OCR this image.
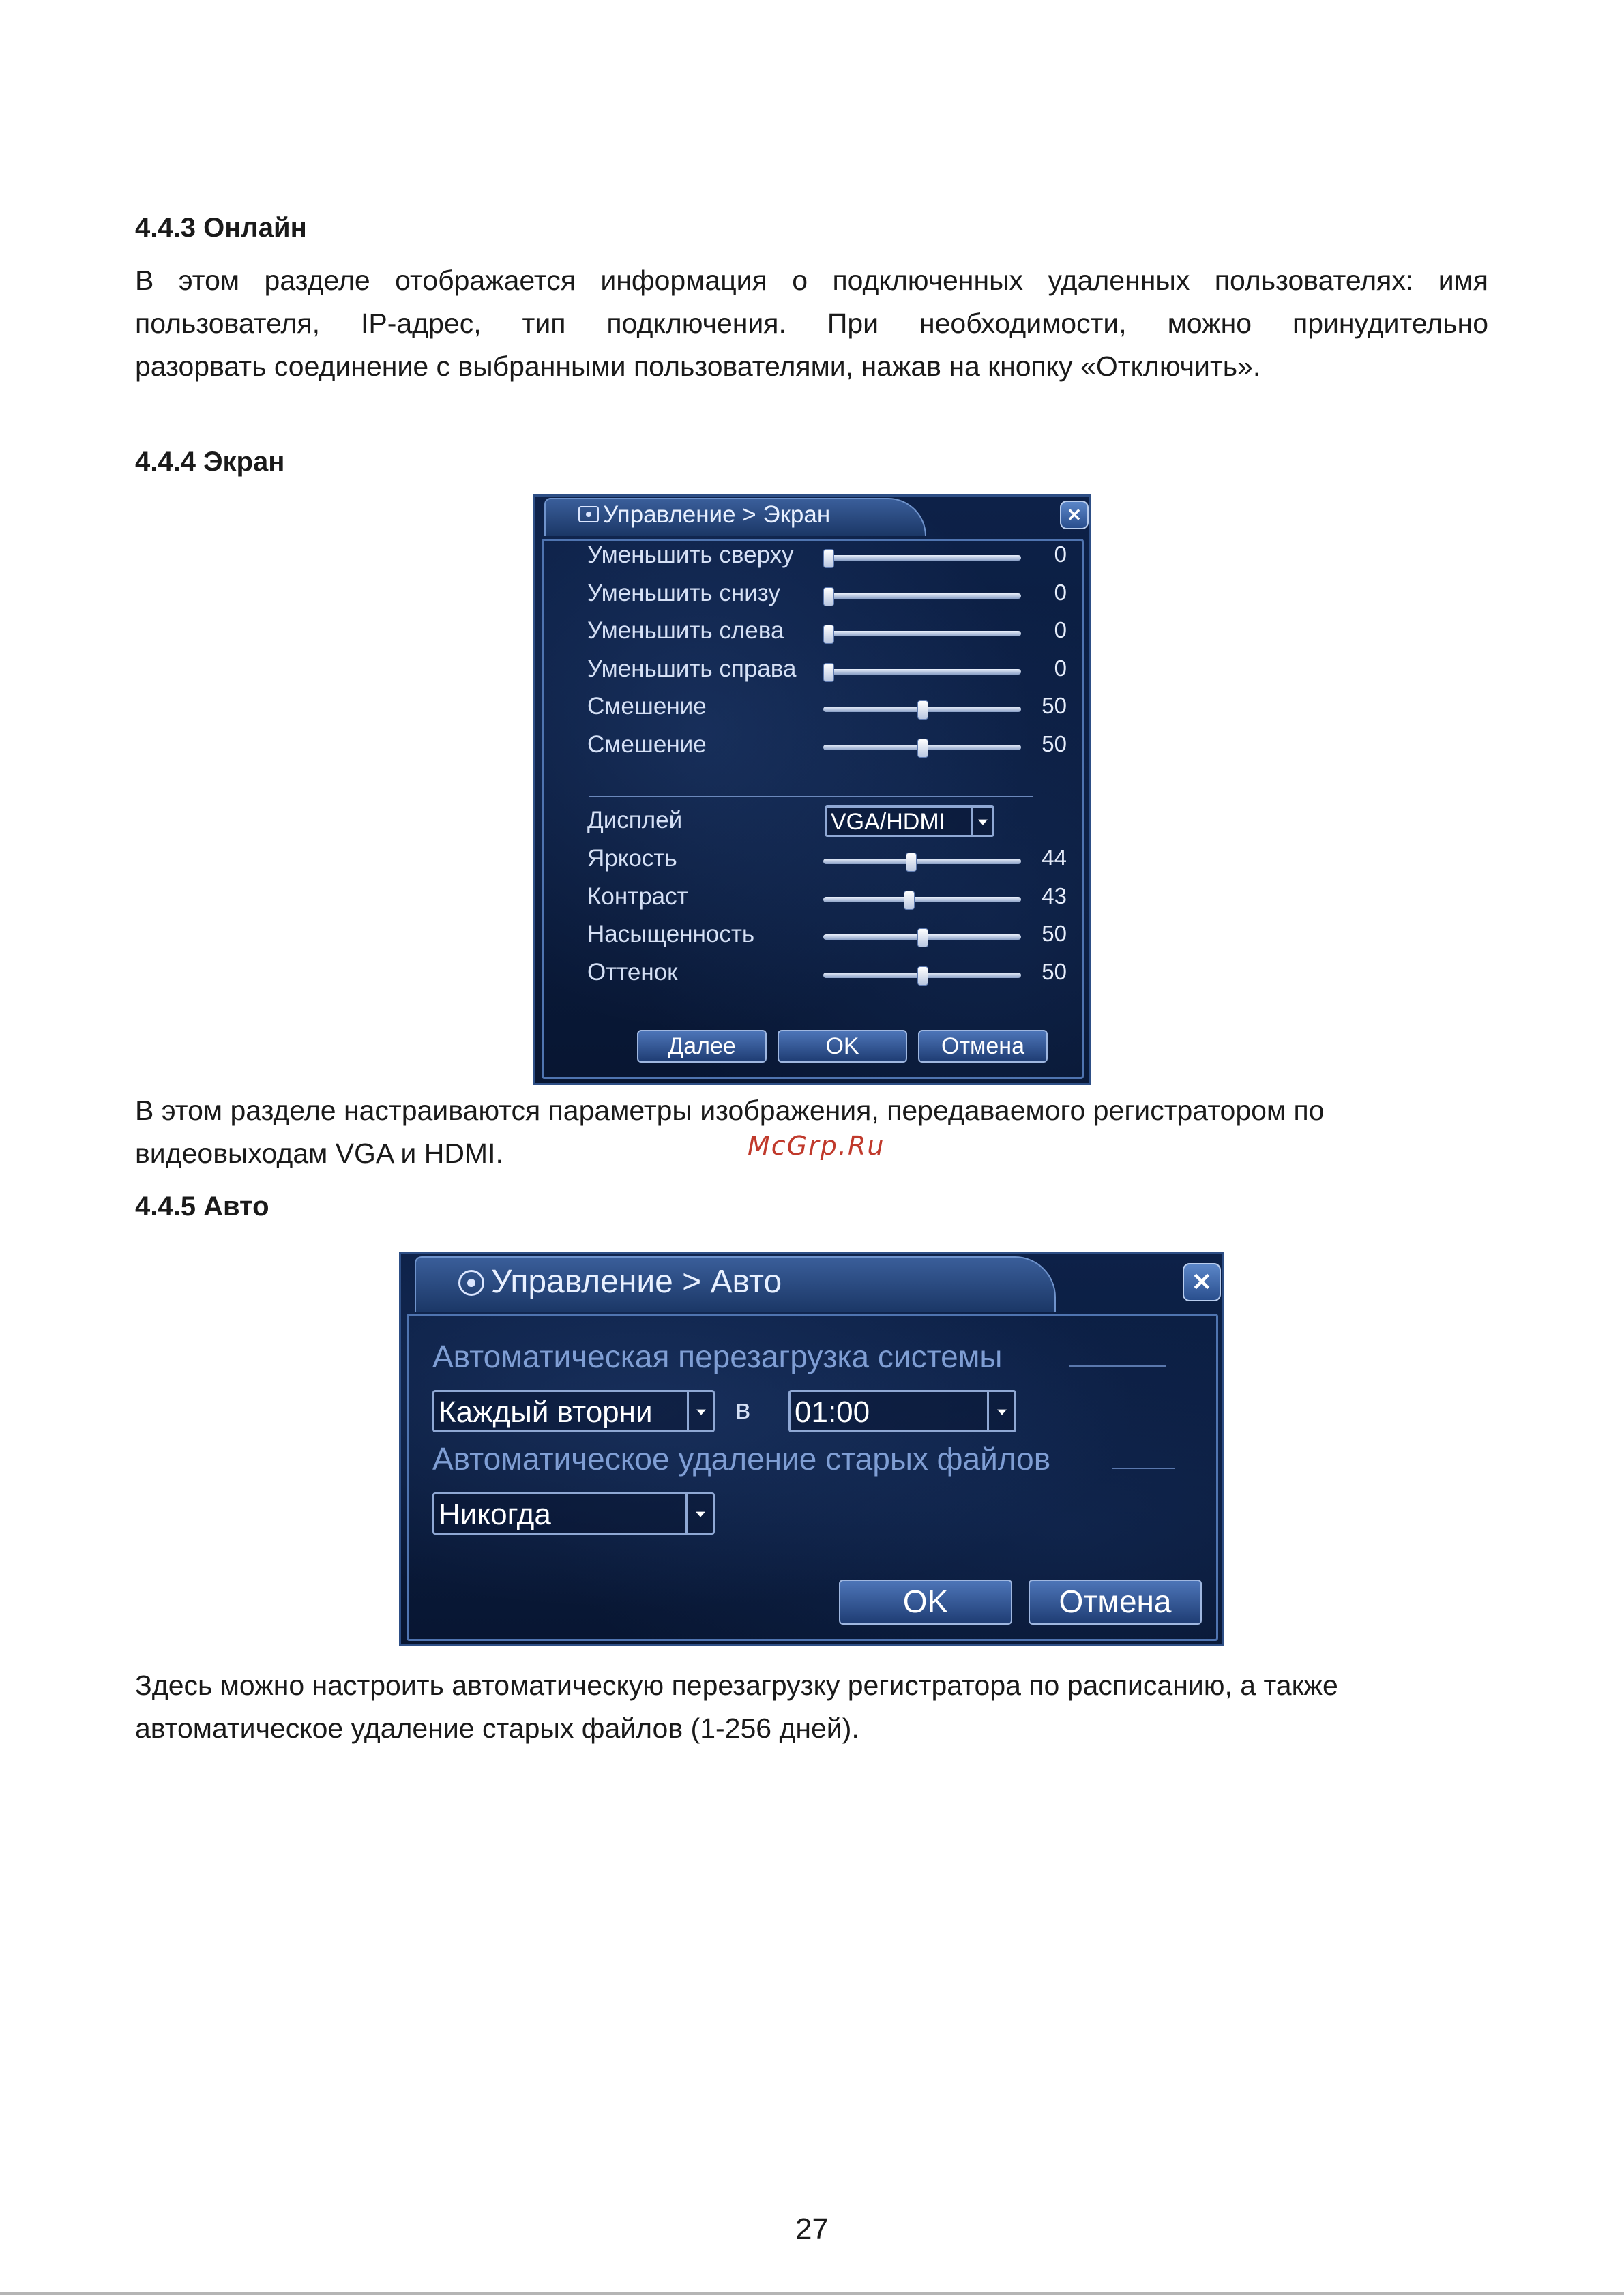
4.4.3 Онлайн

В этом разделе отображается информация о подключенных удаленных пользователях: имя
пользователя, IP-адрес, тип подключения. При необходимости, можно принудительно
разорвать соединение с выбранными пользователями, нажав на кнопку «Отключить».

4.4.4 Экран
Управление > Экран	✕
Уменьшить сверху	0
Уменьшить снизу	0
Уменьшить слева	0
Уменьшить справа	0
Смешение	50
Смешение	50
Дисплей	VGA/HDMI
Яркость	44
Контраст	43
Насыщенность	50
Оттенок	50
Далее	OK	Отмена

В этом разделе настраиваются параметры изображения, передаваемого регистратором по
видеовыходам VGA и HDMI.	McGrp.Ru
4.4.5 Авто
Управление > Авто	✕
Автоматическая перезагрузка системы
Каждый вторни	в 01:00
Автоматическое удаление старых файлов
Никогда
OK	Отмена

Здесь можно настроить автоматическую перезагрузку регистратора по расписанию, а также
автоматическое удаление старых файлов (1-256 дней).

27
